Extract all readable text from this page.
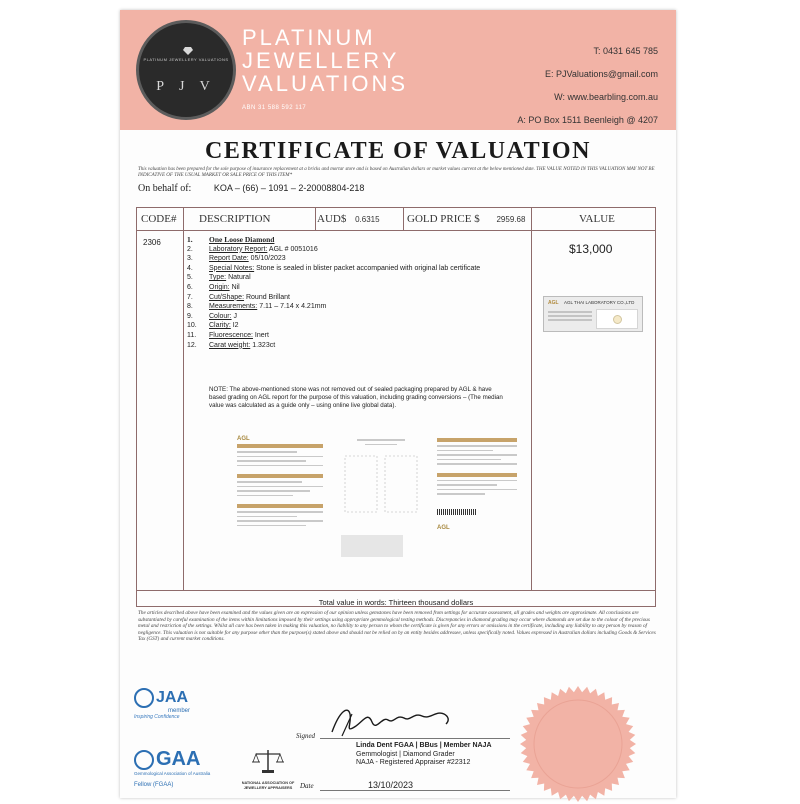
PLATINUM JEWELLERY VALUATIONS
P J V
PLATINUM
JEWELLERY
VALUATIONS
ABN 31 588 592 117
T: 0431 645 785
E: PJValuations@gmail.com
W: www.bearbling.com.au
A: PO Box 1511 Beenleigh @ 4207
CERTIFICATE OF VALUATION
This valuation has been prepared for the sole purpose of insurance replacement at a bricks and mortar store and is based on Australian dollars or market values current at the below mentioned date. THE VALUE NOTED IN THIS VALUATION MAY NOT BE INDICATIVE OF THE USUAL MARKET OR SALE PRICE OF THIS ITEM*
On behalf of:	KOA – (66) – 1091 – 2-20008804-218
CODE# DESCRIPTION	AUD$ 0.6315 GOLD PRICE $ 2959.68	VALUE
2306	1. One Loose Diamond
2. Laboratory Report: AGL # 0051016
3. Report Date: 05/10/2023
4. Special Notes: Stone is sealed in blister packet accompanied with original lab certificate
5. Type: Natural
6. Origin: Nil
7. Cut/Shape: Round Brillant
8. Measurements: 7.11 – 7.14 x 4.21mm
9. Colour: J
10. Clarity: I2
11. Fluorescence: Inert
12. Carat weight: 1.323ct
$13,000
AGL AGL THAI LABORATORY CO.,LTD
NOTE: The above-mentioned stone was not removed out of sealed packaging prepared by AGL & have based grading on AGL report for the purpose of this valuation, including grading conversions – (The median value was calculated as a guide only – using online live global data).
AGL
AGL
Total value in words: Thirteen thousand dollars
The articles described above have been examined and the values given are an expression of our opinion unless gemstones have been removed from settings for accurate assessment, all grades and weights are approximate. All conclusions are substantiated by careful examination of the items within limitations imposed by their settings using appropriate gemmological testing methods. Discrepancies in diamond grading may occur where diamonds are set due to the colour of the precious metal and restriction of the settings. Whilst all care has been taken in making this valuation, no liability to any person to whom the certificate is given for any errors or omissions in the certificate, including any liability to any person by reason of negligence. This valuation is not suitable for any purpose other than the purpose(s) stated above and should not be relied on by an entity besides addressee, unless specifically noted. Values expressed in Australian dollars including Goods & Services Tax (GST) and current market conditions.
JAA
member
Inspiring Confidence
GAA
Gemmological Association of Australia
Fellow (FGAA)	NATIONAL ASSOCIATION OF JEWELLERY APPRAISERS
Signed
Linda Dent FGAA | BBus | Member NAJA
Gemmologist | Diamond Grader
NAJA - Registered Appraiser #22312
Date	13/10/2023
